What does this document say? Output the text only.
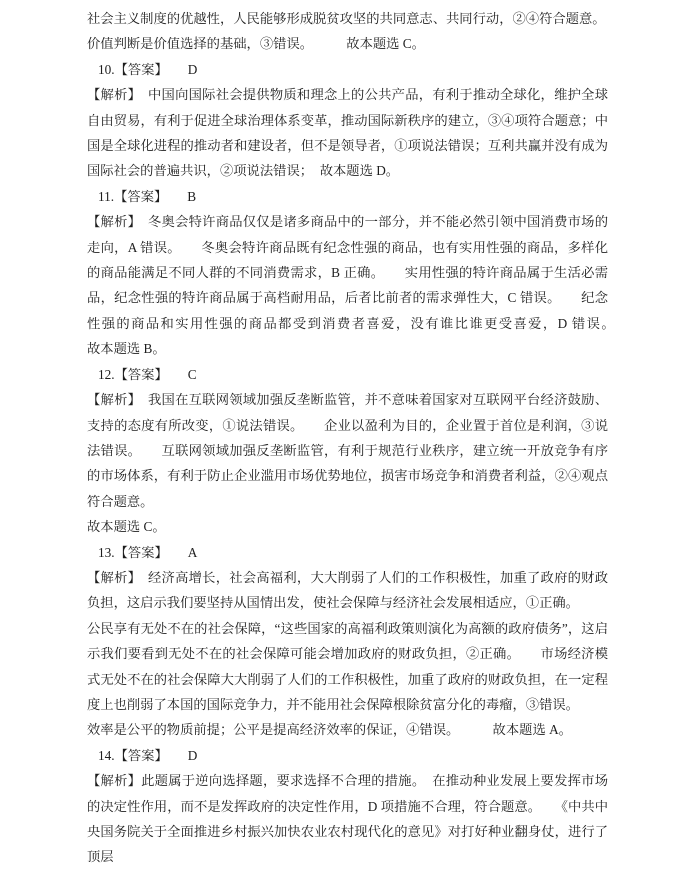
社会主义制度的优越性，人民能够形成脱贫攻坚的共同意志、共同行动，②④符合题意。

价值判断是价值选择的基础，③错误。　　　故本题选 C。

10.【答案】　　D

【解析】　中国向国际社会提供物质和理念上的公共产品，有利于推动全球化，维护全球自由贸易，有利于促进全球治理体系变革，推动国际新秩序的建立，③④项符合题意；中国是全球化进程的推动者和建设者，但不是领导者，①项说法错误；互利共赢并没有成为国际社会的普遍共识，②项说法错误；　故本题选 D。

11.【答案】　　B

【解析】　冬奥会特许商品仅仅是诸多商品中的一部分，并不能必然引领中国消费市场的走向，A 错误。　　冬奥会特许商品既有纪念性强的商品，也有实用性强的商品，多样化的商品能满足不同人群的不同消费需求，B 正确。　　实用性强的特许商品属于生活必需品，纪念性强的特许商品属于高档耐用品，后者比前者的需求弹性大，C 错误。　　纪念性强的商品和实用性强的商品都受到消费者喜爱，没有谁比谁更受喜爱，D 错误。　　　故本题选 B。

12.【答案】　　C

【解析】　我国在互联网领域加强反垄断监管，并不意味着国家对互联网平台经济鼓励、支持的态度有所改变，①说法错误。　　企业以盈利为目的，企业置于首位是利润，③说法错误。　　互联网领域加强反垄断监管，有利于规范行业秩序，建立统一开放竞争有序的市场体系，有利于防止企业滥用市场优势地位，损害市场竞争和消费者利益，②④观点符合题意。

故本题选 C。

13.【答案】　　A

【解析】　经济高增长，社会高福利，大大削弱了人们的工作积极性，加重了政府的财政负担，这启示我们要坚持从国情出发，使社会保障与经济社会发展相适应，①正确。

公民享有无处不在的社会保障，“这些国家的高福利政策则演化为高额的政府债务”，这启示我们要看到无处不在的社会保障可能会增加政府的财政负担，②正确。　　市场经济模式无处不在的社会保障大大削弱了人们的工作积极性，加重了政府的财政负担，在一定程度上也削弱了本国的国际竞争力，并不能用社会保障根除贫富分化的毒瘤，③错误。

效率是公平的物质前提；公平是提高经济效率的保证，④错误。　　　故本题选 A。

14.【答案】　　D

【解析】此题属于逆向选择题，要求选择不合理的措施。　在推动种业发展上要发挥市场的决定性作用，而不是发挥政府的决定性作用，D 项措施不合理，符合题意。　　《中共中央国务院关于全面推进乡村振兴加快农业农村现代化的意见》对打好种业翻身仗，进行了顶层
